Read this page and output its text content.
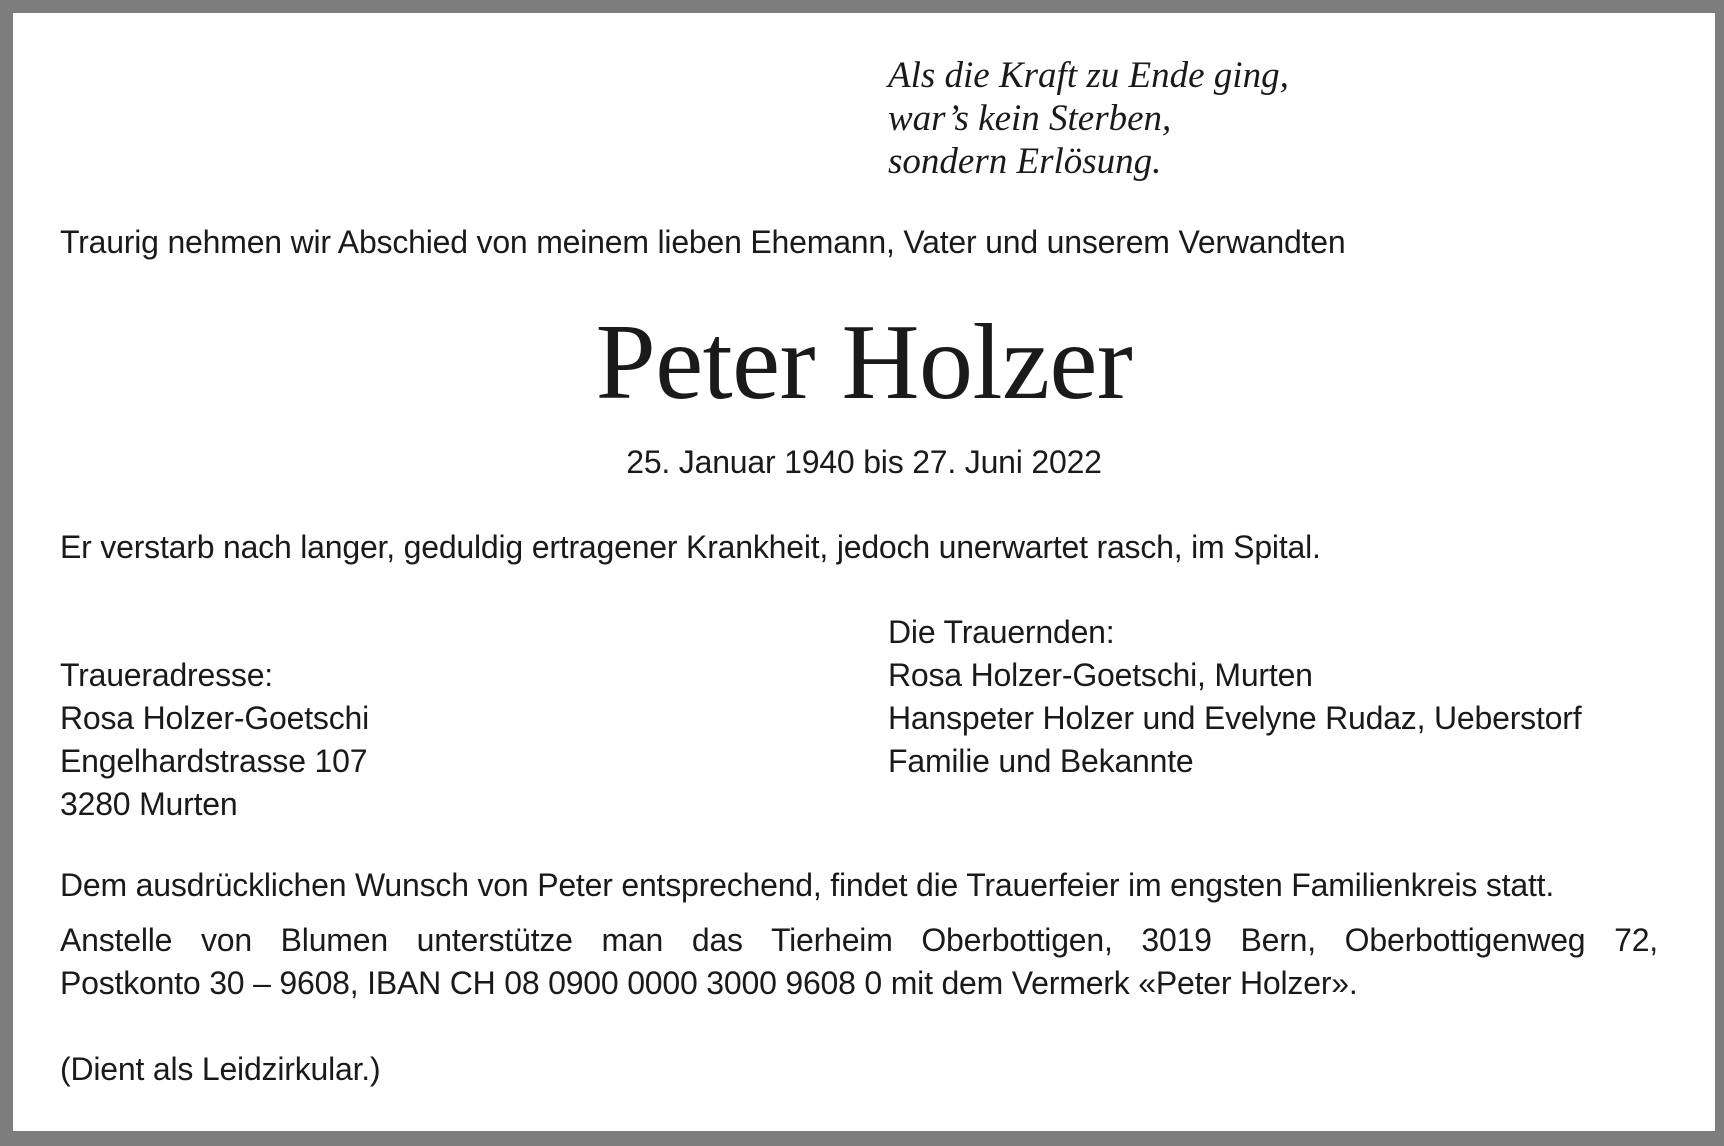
Als die Kraft zu Ende ging,
war’s kein Sterben,
sondern Erlösung.
Traurig nehmen wir Abschied von meinem lieben Ehemann, Vater und unserem Verwandten
Peter Holzer
25. Januar 1940 bis 27. Juni 2022
Er verstarb nach langer, geduldig ertragener Krankheit, jedoch unerwartet rasch, im Spital.
Traueradresse:
Rosa Holzer-Goetschi
Engelhardstrasse 107
3280 Murten
Die Trauernden:
Rosa Holzer-Goetschi, Murten
Hanspeter Holzer und Evelyne Rudaz, Ueberstorf
Familie und Bekannte
Dem ausdrücklichen Wunsch von Peter entsprechend, findet die Trauerfeier im engsten Familienkreis statt.
Anstelle von Blumen unterstütze man das Tierheim Oberbottigen, 3019 Bern, Oberbottigenweg 72,
Postkonto 30 – 9608, IBAN CH 08 0900 0000 3000 9608 0 mit dem Vermerk «Peter Holzer».
(Dient als Leidzirkular.)
